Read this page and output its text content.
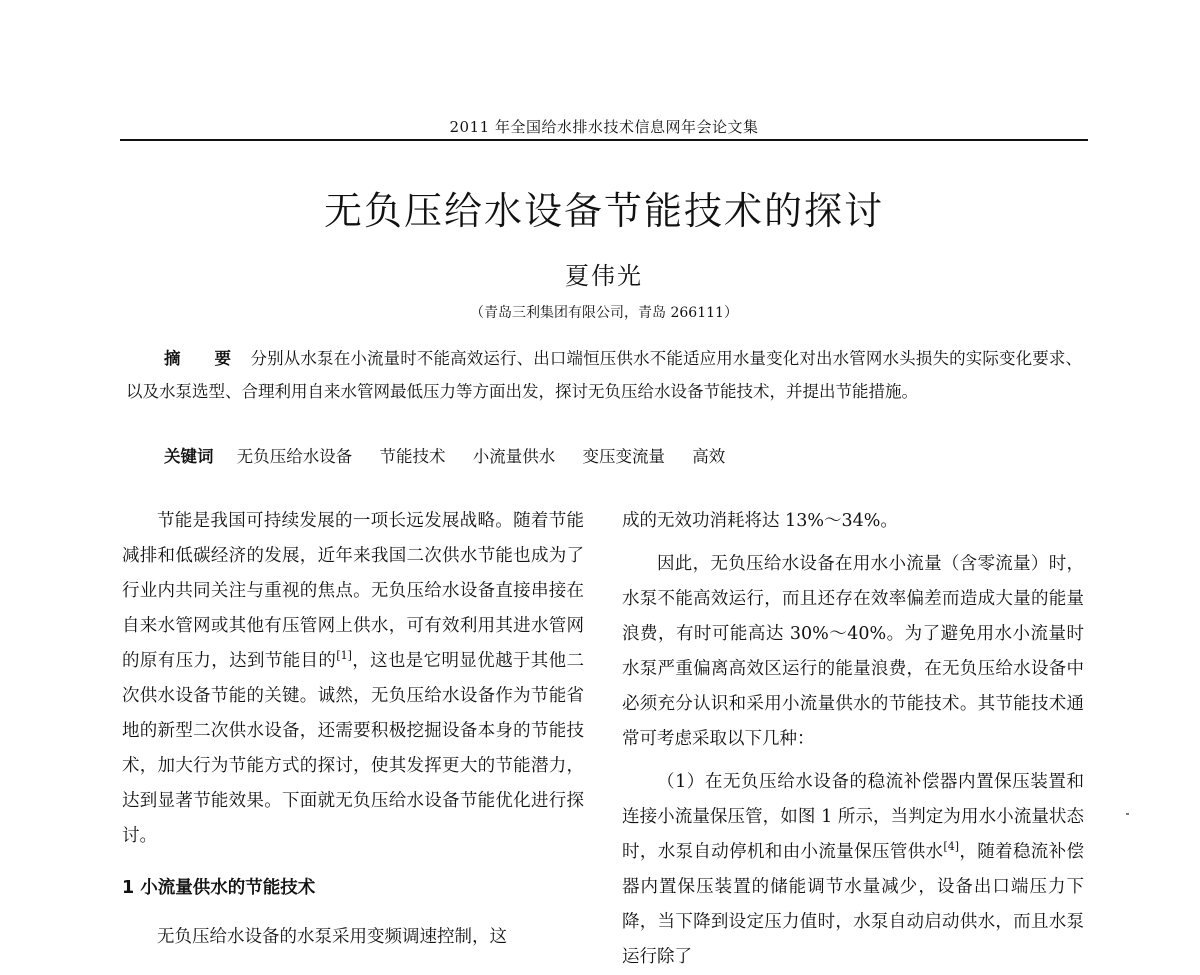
2011 年全国给水排水技术信息网年会论文集
无负压给水设备节能技术的探讨
夏伟光
（青岛三利集团有限公司，青岛 266111）
摘 要 分别从水泵在小流量时不能高效运行、出口端恒压供水不能适应用水量变化对出水管网水头损失的实际变化要求、以及水泵选型、合理利用自来水管网最低压力等方面出发，探讨无负压给水设备节能技术，并提出节能措施。
关键词 无负压给水设备 节能技术 小流量供水 变压变流量 高效

节能是我国可持续发展的一项长远发展战略。随着节能减排和低碳经济的发展，近年来我国二次供水节能也成为了行业内共同关注与重视的焦点。无负压给水设备直接串接在自来水管网或其他有压管网上供水，可有效利用其进水管网的原有压力，达到节能目的[1]，这也是它明显优越于其他二次供水设备节能的关键。诚然，无负压给水设备作为节能省地的新型二次供水设备，还需要积极挖掘设备本身的节能技术，加大行为节能方式的探讨，使其发挥更大的节能潜力，达到显著节能效果。下面就无负压给水设备节能优化进行探讨。

1 小流量供水的节能技术

无负压给水设备的水泵采用变频调速控制，这

成的无效功消耗将达 13%～34%。

因此，无负压给水设备在用水小流量（含零流量）时，水泵不能高效运行，而且还存在效率偏差而造成大量的能量浪费，有时可能高达 30%～40%。为了避免用水小流量时水泵严重偏离高效区运行的能量浪费，在无负压给水设备中必须充分认识和采用小流量供水的节能技术。其节能技术通常可考虑采取以下几种：

（1）在无负压给水设备的稳流补偿器内置保压装置和连接小流量保压管，如图 1 所示，当判定为用水小流量状态时，水泵自动停机和由小流量保压管供水[4]，随着稳流补偿器内置保压装置的储能调节水量减少，设备出口端压力下降，当下降到设定压力值时，水泵自动启动供水，而且水泵运行除了
